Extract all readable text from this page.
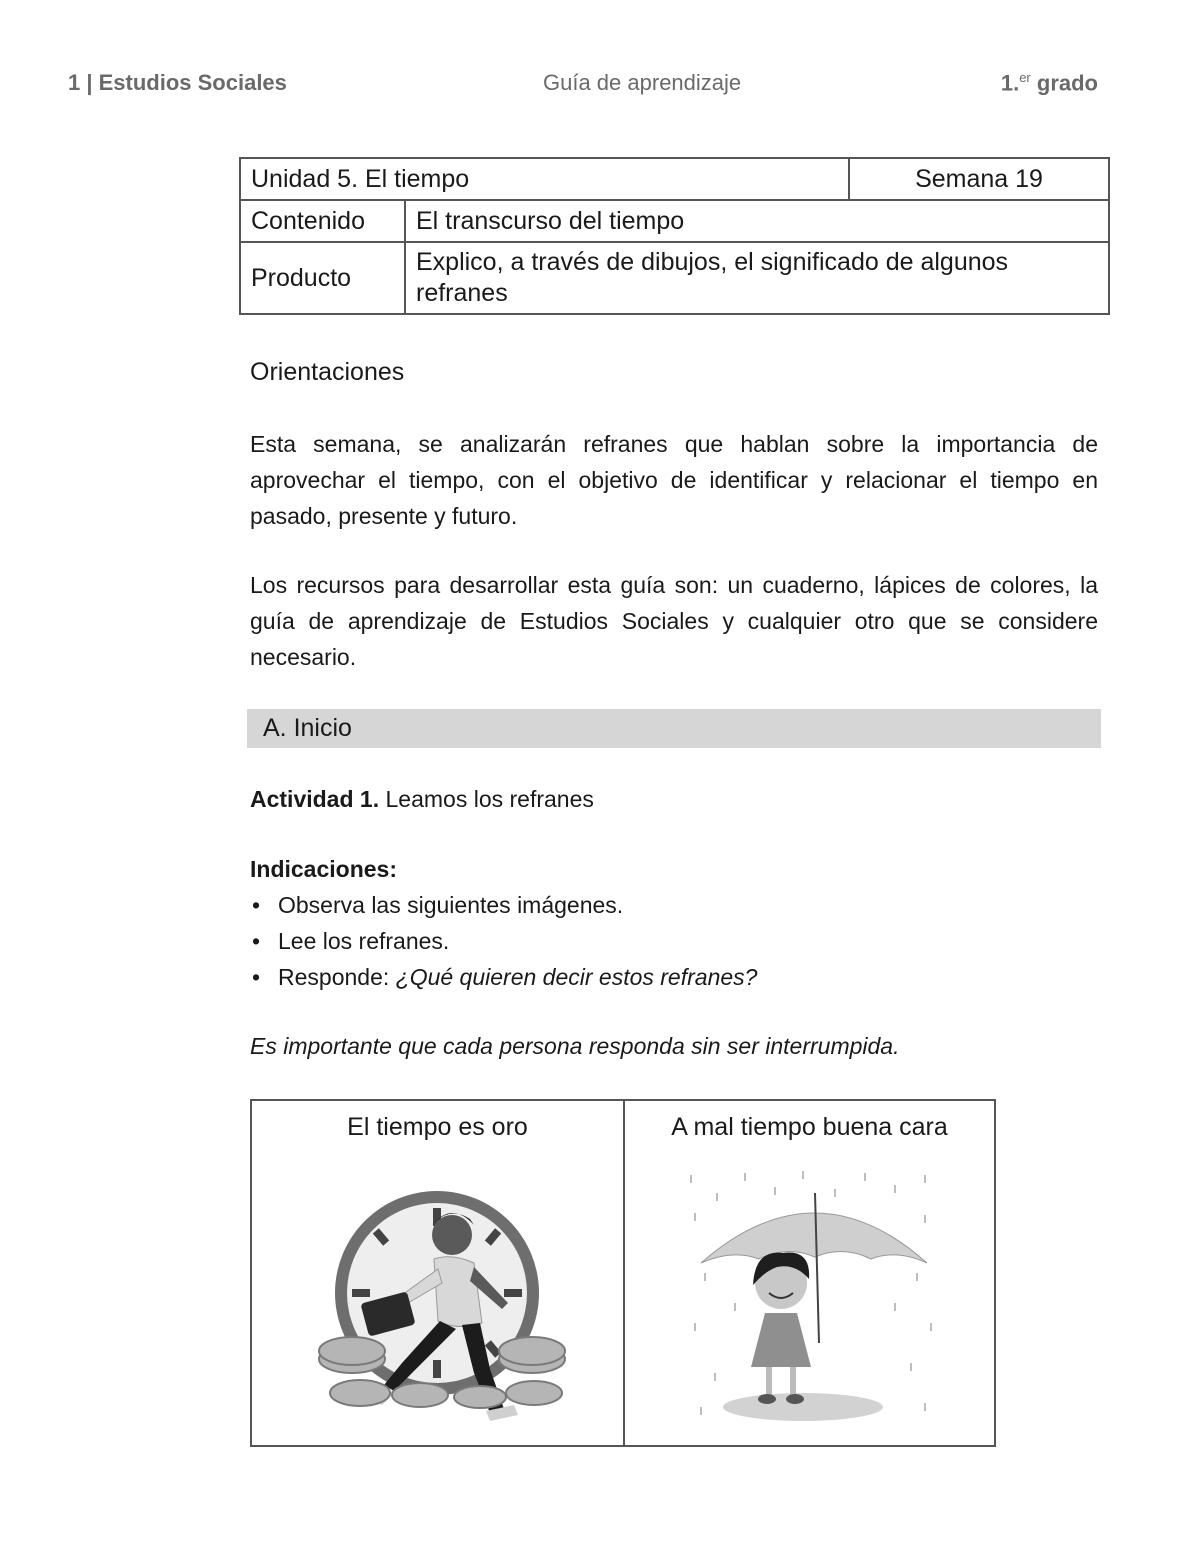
1 | Estudios Sociales	Guía de aprendizaje	1.$^{er}$ grado
Unidad 5. El tiempo		Semana 19
Contenido	El transcurso del tiempo	
Producto	Explico, a través de dibujos, el significado de algunos refranes	
Orientaciones
Esta semana, se analizarán refranes que hablan sobre la importancia de aprovechar el tiempo, con el objetivo de identificar y relacionar el tiempo en pasado, presente y futuro.
Los recursos para desarrollar esta guía son: un cuaderno, lápices de colores, la guía de aprendizaje de Estudios Sociales y cualquier otro que se considere necesario.
A. Inicio
Actividad 1. Leamos los refranes
Indicaciones:
• Observa las siguientes imágenes.
• Lee los refranes.
• Responde: ¿Qué quieren decir estos refranes?
Es importante que cada persona responda sin ser interrumpida.
El tiempo es oro	A mal tiempo buena cara
